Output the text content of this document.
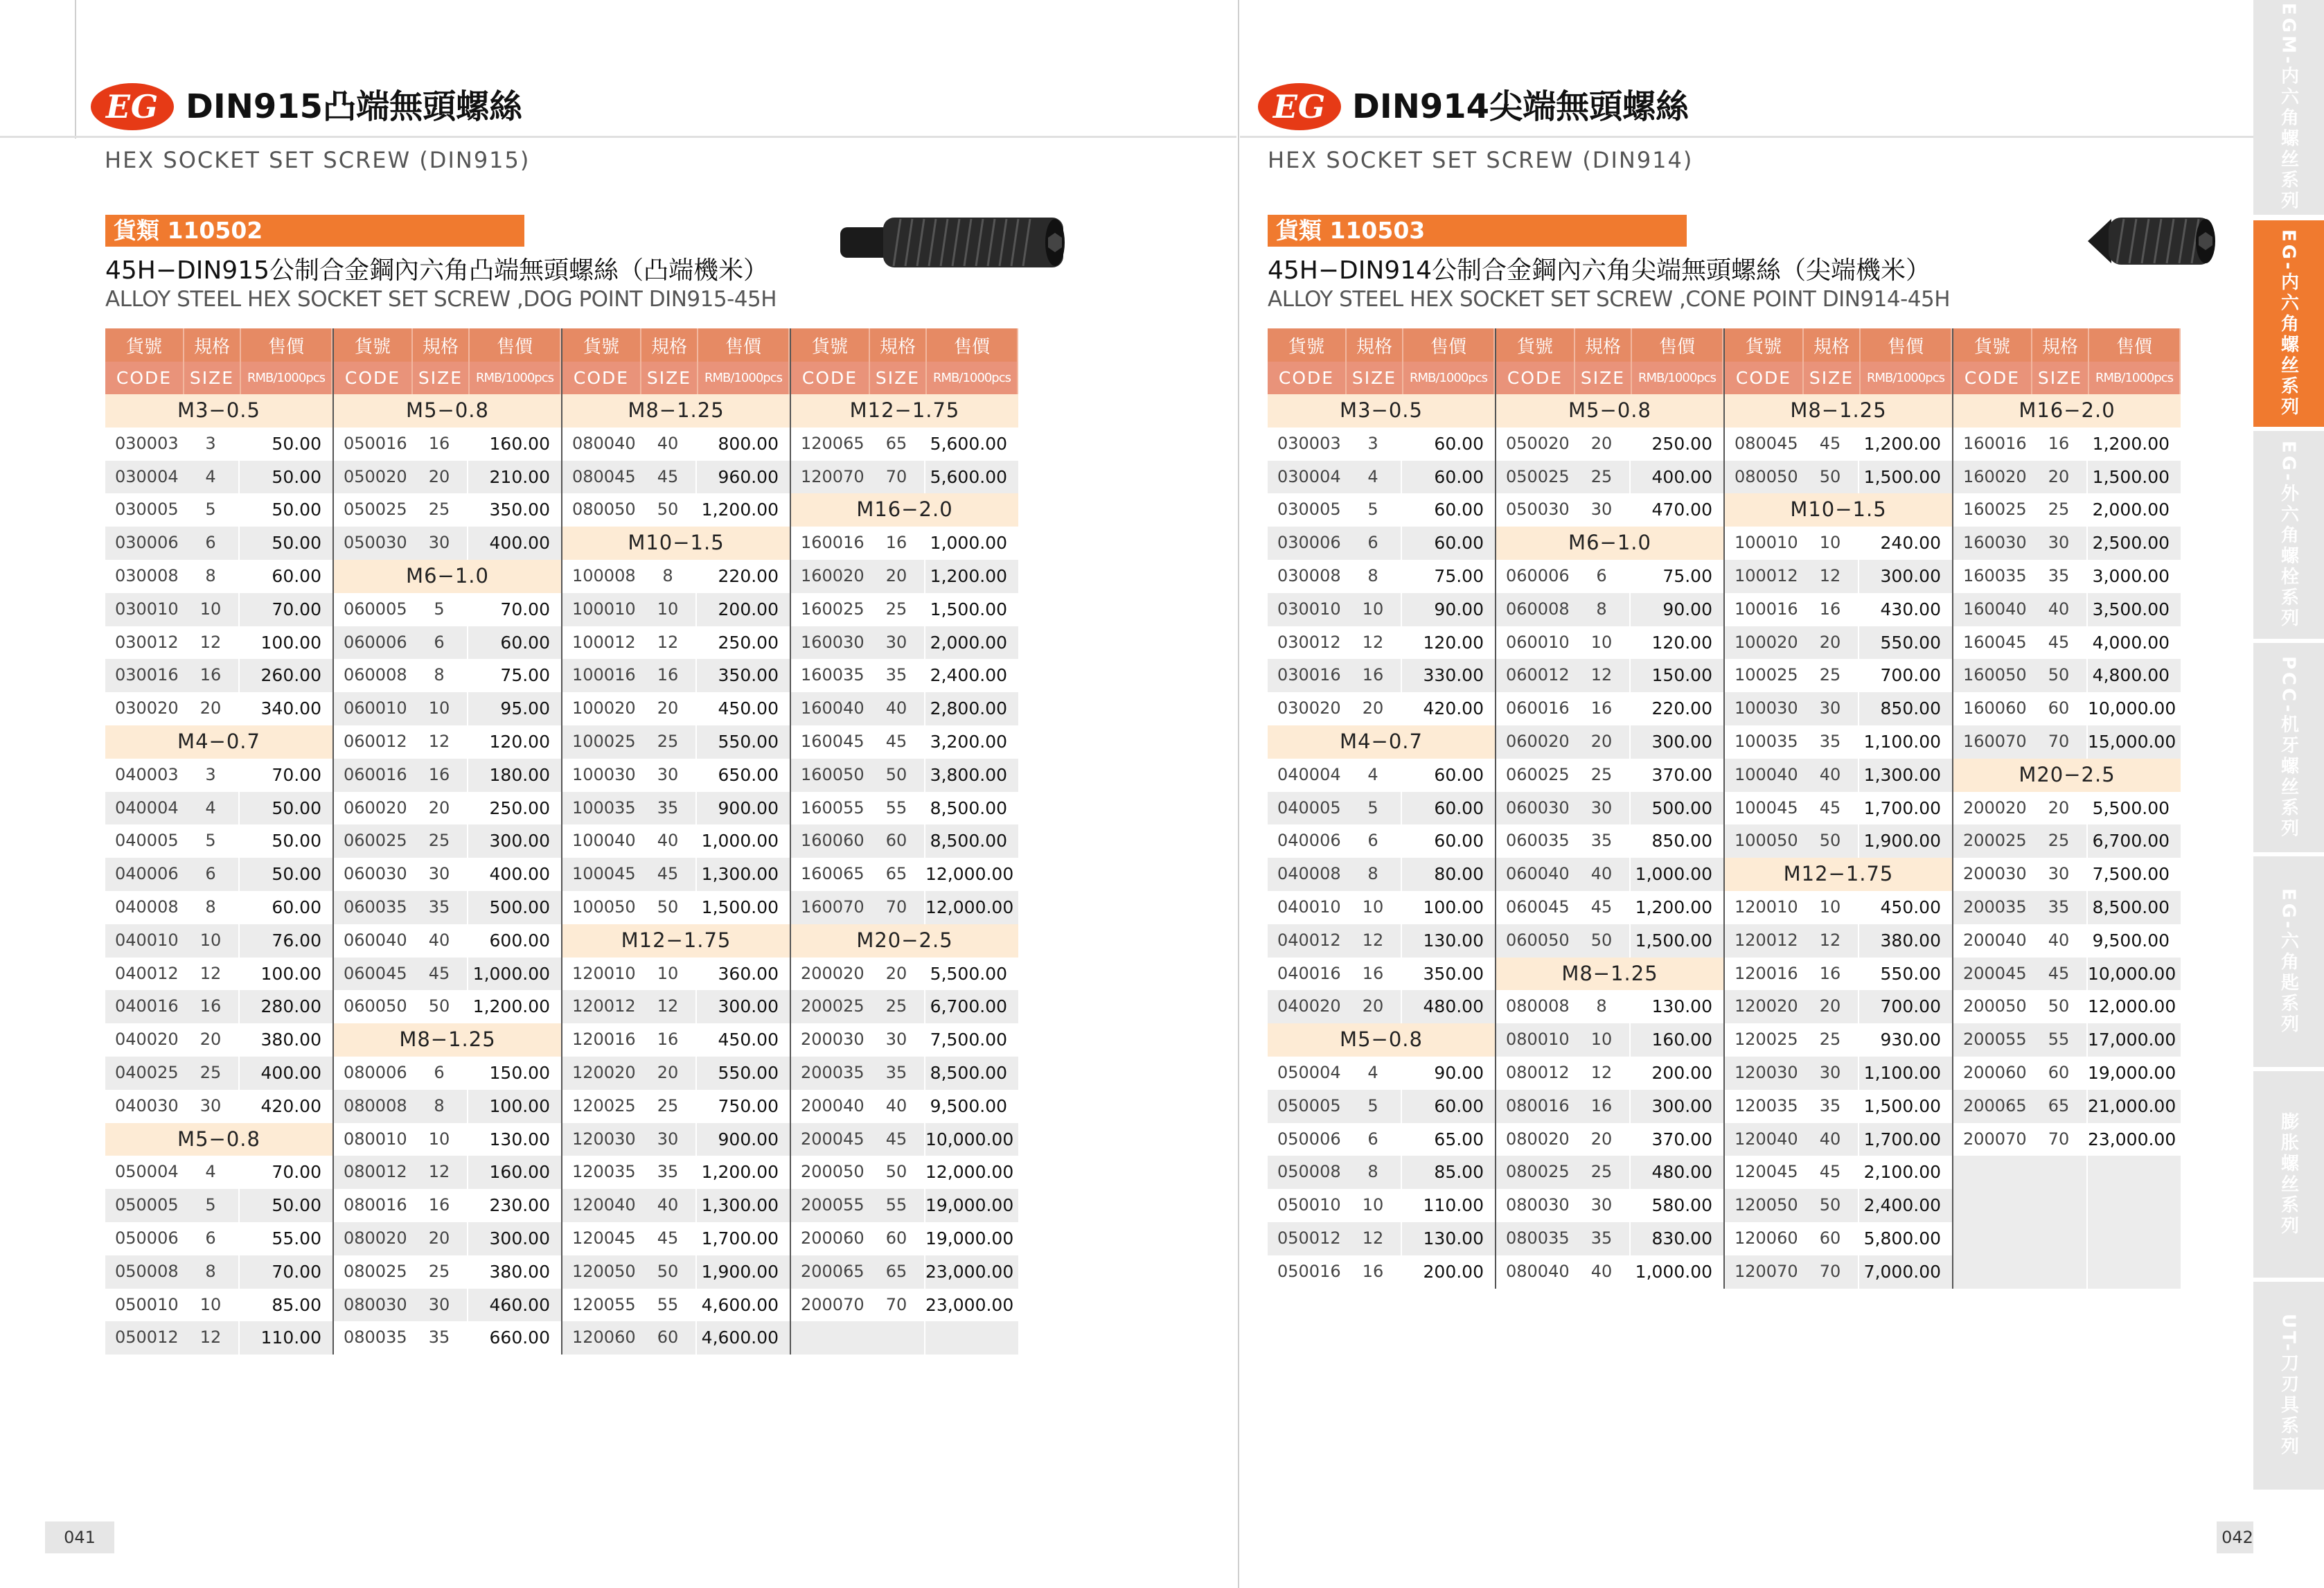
EG DIN915凸端無頭螺絲
HEX SOCKET SET SCREW (DIN915)
貨類 110502
45H−DIN915公制合金鋼內六角凸端無頭螺絲（凸端機米）
ALLOY STEEL HEX SOCKET SET SCREW ,DOG POINT DIN915-45H
貨號	規格	售價
CODE	SIZE	RMB/1000pcs
M3−0.5
030003	3	50.00
030004	4	50.00
030005	5	50.00
030006	6	50.00
030008	8	60.00
030010	10	70.00
030012	12	100.00
030016	16	260.00
030020	20	340.00
M4−0.7
040003	3	70.00
040004	4	50.00
040005	5	50.00
040006	6	50.00
040008	8	60.00
040010	10	76.00
040012	12	100.00
040016	16	280.00
040020	20	380.00
040025	25	400.00
040030	30	420.00
M5−0.8
050004	4	70.00
050005	5	50.00
050006	6	55.00
050008	8	70.00
050010	10	85.00
050012	12	110.00
貨號	規格	售價
CODE	SIZE	RMB/1000pcs
M5−0.8
050016	16	160.00
050020	20	210.00
050025	25	350.00
050030	30	400.00
M6−1.0
060005	5	70.00
060006	6	60.00
060008	8	75.00
060010	10	95.00
060012	12	120.00
060016	16	180.00
060020	20	250.00
060025	25	300.00
060030	30	400.00
060035	35	500.00
060040	40	600.00
060045	45	1,000.00
060050	50	1,200.00
M8−1.25
080006	6	150.00
080008	8	100.00
080010	10	130.00
080012	12	160.00
080016	16	230.00
080020	20	300.00
080025	25	380.00
080030	30	460.00
080035	35	660.00
貨號	規格	售價
CODE	SIZE	RMB/1000pcs
M8−1.25
080040	40	800.00
080045	45	960.00
080050	50	1,200.00
M10−1.5
100008	8	220.00
100010	10	200.00
100012	12	250.00
100016	16	350.00
100020	20	450.00
100025	25	550.00
100030	30	650.00
100035	35	900.00
100040	40	1,000.00
100045	45	1,300.00
100050	50	1,500.00
M12−1.75
120010	10	360.00
120012	12	300.00
120016	16	450.00
120020	20	550.00
120025	25	750.00
120030	30	900.00
120035	35	1,200.00
120040	40	1,300.00
120045	45	1,700.00
120050	50	1,900.00
120055	55	4,600.00
120060	60	4,600.00
貨號	規格	售價
CODE	SIZE	RMB/1000pcs
M12−1.75
120065	65	5,600.00
120070	70	5,600.00
M16−2.0
160016	16	1,000.00
160020	20	1,200.00
160025	25	1,500.00
160030	30	2,000.00
160035	35	2,400.00
160040	40	2,800.00
160045	45	3,200.00
160050	50	3,800.00
160055	55	8,500.00
160060	60	8,500.00
160065	65	12,000.00
160070	70	12,000.00
M20−2.5
200020	20	5,500.00
200025	25	6,700.00
200030	30	7,500.00
200035	35	8,500.00
200040	40	9,500.00
200045	45	10,000.00
200050	50	12,000.00
200055	55	19,000.00
200060	60	19,000.00
200065	65	23,000.00
200070	70	23,000.00
041
EG DIN914尖端無頭螺絲
HEX SOCKET SET SCREW (DIN914)
貨類 110503
45H−DIN914公制合金鋼內六角尖端無頭螺絲（尖端機米）
ALLOY STEEL HEX SOCKET SET SCREW ,CONE POINT DIN914-45H
貨號	規格	售價
CODE	SIZE	RMB/1000pcs
M3−0.5
030003	3	60.00
030004	4	60.00
030005	5	60.00
030006	6	60.00
030008	8	75.00
030010	10	90.00
030012	12	120.00
030016	16	330.00
030020	20	420.00
M4−0.7
040004	4	60.00
040005	5	60.00
040006	6	60.00
040008	8	80.00
040010	10	100.00
040012	12	130.00
040016	16	350.00
040020	20	480.00
M5−0.8
050004	4	90.00
050005	5	60.00
050006	6	65.00
050008	8	85.00
050010	10	110.00
050012	12	130.00
050016	16	200.00
貨號	規格	售價
CODE	SIZE	RMB/1000pcs
M5−0.8
050020	20	250.00
050025	25	400.00
050030	30	470.00
M6−1.0
060006	6	75.00
060008	8	90.00
060010	10	120.00
060012	12	150.00
060016	16	220.00
060020	20	300.00
060025	25	370.00
060030	30	500.00
060035	35	850.00
060040	40	1,000.00
060045	45	1,200.00
060050	50	1,500.00
M8−1.25
080008	8	130.00
080010	10	160.00
080012	12	200.00
080016	16	300.00
080020	20	370.00
080025	25	480.00
080030	30	580.00
080035	35	830.00
080040	40	1,000.00
貨號	規格	售價
CODE	SIZE	RMB/1000pcs
M8−1.25
080045	45	1,200.00
080050	50	1,500.00
M10−1.5
100010	10	240.00
100012	12	300.00
100016	16	430.00
100020	20	550.00
100025	25	700.00
100030	30	850.00
100035	35	1,100.00
100040	40	1,300.00
100045	45	1,700.00
100050	50	1,900.00
M12−1.75
120010	10	450.00
120012	12	380.00
120016	16	550.00
120020	20	700.00
120025	25	930.00
120030	30	1,100.00
120035	35	1,500.00
120040	40	1,700.00
120045	45	2,100.00
120050	50	2,400.00
120060	60	5,800.00
120070	70	7,000.00
貨號	規格	售價
CODE	SIZE	RMB/1000pcs
M16−2.0
160016	16	1,200.00
160020	20	1,500.00
160025	25	2,000.00
160030	30	2,500.00
160035	35	3,000.00
160040	40	3,500.00
160045	45	4,000.00
160050	50	4,800.00
160060	60	10,000.00
160070	70	15,000.00
M20−2.5
200020	20	5,500.00
200025	25	6,700.00
200030	30	7,500.00
200035	35	8,500.00
200040	40	9,500.00
200045	45	10,000.00
200050	50	12,000.00
200055	55	17,000.00
200060	60	19,000.00
200065	65	21,000.00
200070	70	23,000.00
042
EGM-内六角螺丝系列
EG-内六角螺丝系列
EG-外六角螺栓系列
PCC-机牙螺丝系列
EG-六角匙系列
膨胀螺丝系列
UT-刀刃具系列
